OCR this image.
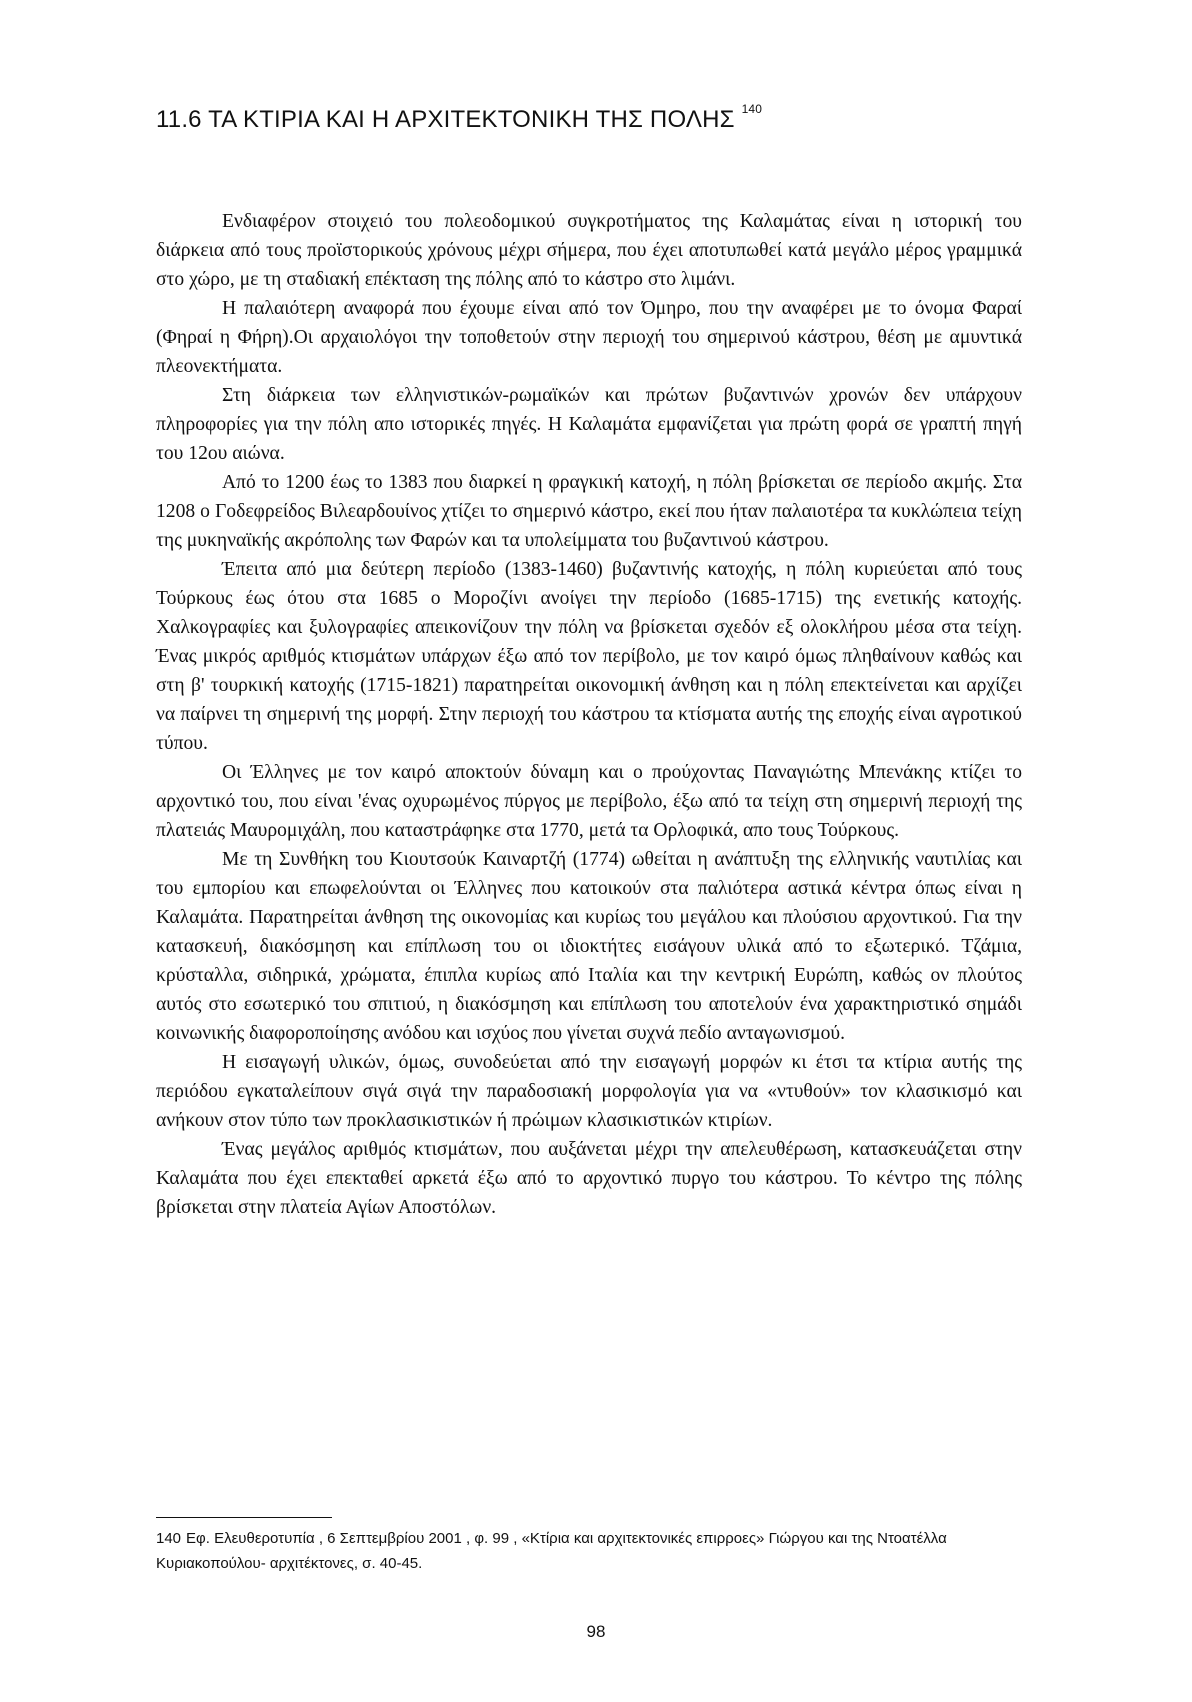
11.6 ΤΑ ΚΤΙΡΙΑ ΚΑΙ Η ΑΡΧΙΤΕΚΤΟΝΙΚΗ ΤΗΣ ΠΟΛΗΣ $^{140}$

Ενδιαφέρον στοιχειό του πολεοδομικού συγκροτήματος της Καλαμάτας είναι η ιστορική του διάρκεια από τους προϊστορικούς χρόνους μέχρι σήμερα, που έχει αποτυπωθεί κατά μεγάλο μέρος γραμμικά στο χώρο, με τη σταδιακή επέκταση της πόλης από το κάστρο στο λιμάνι.

Η παλαιότερη αναφορά που έχουμε είναι από τον Όμηρο, που την αναφέρει με το όνομα Φαραί (Φηραί η Φήρη).Οι αρχαιολόγοι την τοποθετούν στην περιοχή του σημερινού κάστρου, θέση με αμυντικά πλεονεκτήματα.

Στη διάρκεια των ελληνιστικών-ρωμαϊκών και πρώτων βυζαντινών χρονών δεν υπάρχουν πληροφορίες για την πόλη απο ιστορικές πηγές. Η Καλαμάτα εμφανίζεται για πρώτη φορά σε γραπτή πηγή του 12ου αιώνα.

Από το 1200 έως το 1383 που διαρκεί η φραγκική κατοχή, η πόλη βρίσκεται σε περίοδο ακμής. Στα 1208 ο Γοδεφρείδος Βιλεαρδουίνος χτίζει το σημερινό κάστρο, εκεί που ήταν παλαιοτέρα τα κυκλώπεια τείχη της μυκηναϊκής ακρόπολης των Φαρών και τα υπολείμματα του βυζαντινού κάστρου.

Έπειτα από μια δεύτερη περίοδο (1383-1460) βυζαντινής κατοχής, η πόλη κυριεύεται από τους Τούρκους έως ότου στα 1685 ο Μοροζίνι ανοίγει την περίοδο (1685-1715) της ενετικής κατοχής. Χαλκογραφίες και ξυλογραφίες απεικονίζουν την πόλη να βρίσκεται σχεδόν εξ ολοκλήρου μέσα στα τείχη. Ένας μικρός αριθμός κτισμάτων υπάρχων έξω από τον περίβολο, με τον καιρό όμως πληθαίνουν καθώς και στη β' τουρκική κατοχής (1715-1821) παρατηρείται οικονομική άνθηση και η πόλη επεκτείνεται και αρχίζει να παίρνει τη σημερινή της μορφή. Στην περιοχή του κάστρου τα κτίσματα αυτής της εποχής είναι αγροτικού τύπου.

Οι Έλληνες με τον καιρό αποκτούν δύναμη και ο προύχοντας Παναγιώτης Μπενάκης κτίζει το αρχοντικό του, που είναι 'ένας οχυρωμένος πύργος με περίβολο, έξω από τα τείχη στη σημερινή περιοχή της πλατειάς Μαυρομιχάλη, που καταστράφηκε στα 1770, μετά τα Ορλοφικά, απο τους Τούρκους.

Με τη Συνθήκη του Κιουτσούκ Καιναρτζή (1774) ωθείται η ανάπτυξη της ελληνικής ναυτιλίας και του εμπορίου και επωφελούνται οι Έλληνες που κατοικούν στα παλιότερα αστικά κέντρα όπως είναι η Καλαμάτα. Παρατηρείται άνθηση της οικονομίας και κυρίως του μεγάλου και πλούσιου αρχοντικού. Για την κατασκευή, διακόσμηση και επίπλωση του οι ιδιοκτήτες εισάγουν υλικά από το εξωτερικό. Τζάμια, κρύσταλλα, σιδηρικά, χρώματα, έπιπλα κυρίως από Ιταλία και την κεντρική Ευρώπη, καθώς ον πλούτος αυτός στο εσωτερικό του σπιτιού, η διακόσμηση και επίπλωση του αποτελούν ένα χαρακτηριστικό σημάδι κοινωνικής διαφοροποίησης ανόδου και ισχύος που γίνεται συχνά πεδίο ανταγωνισμού.

Η εισαγωγή υλικών, όμως, συνοδεύεται από την εισαγωγή μορφών κι έτσι τα κτίρια αυτής της περιόδου εγκαταλείπουν σιγά σιγά την παραδοσιακή μορφολογία για να «ντυθούν» τον κλασικισμό και ανήκουν στον τύπο των προκλασικιστικών ή πρώιμων κλασικιστικών κτιρίων.

Ένας μεγάλος αριθμός κτισμάτων, που αυξάνεται μέχρι την απελευθέρωση, κατασκευάζεται στην Καλαμάτα που έχει επεκταθεί αρκετά έξω από το αρχοντικό πυργο του κάστρου. Το κέντρο της πόλης βρίσκεται στην πλατεία Αγίων Αποστόλων.

140 Εφ. Ελευθεροτυπία , 6 Σεπτεμβρίου 2001 , φ. 99 , «Κτίρια και αρχιτεκτονικές επιρροες» Γιώργου και της Ντοατέλλα Κυριακοπούλου- αρχιτέκτονες, σ. 40-45.
98
